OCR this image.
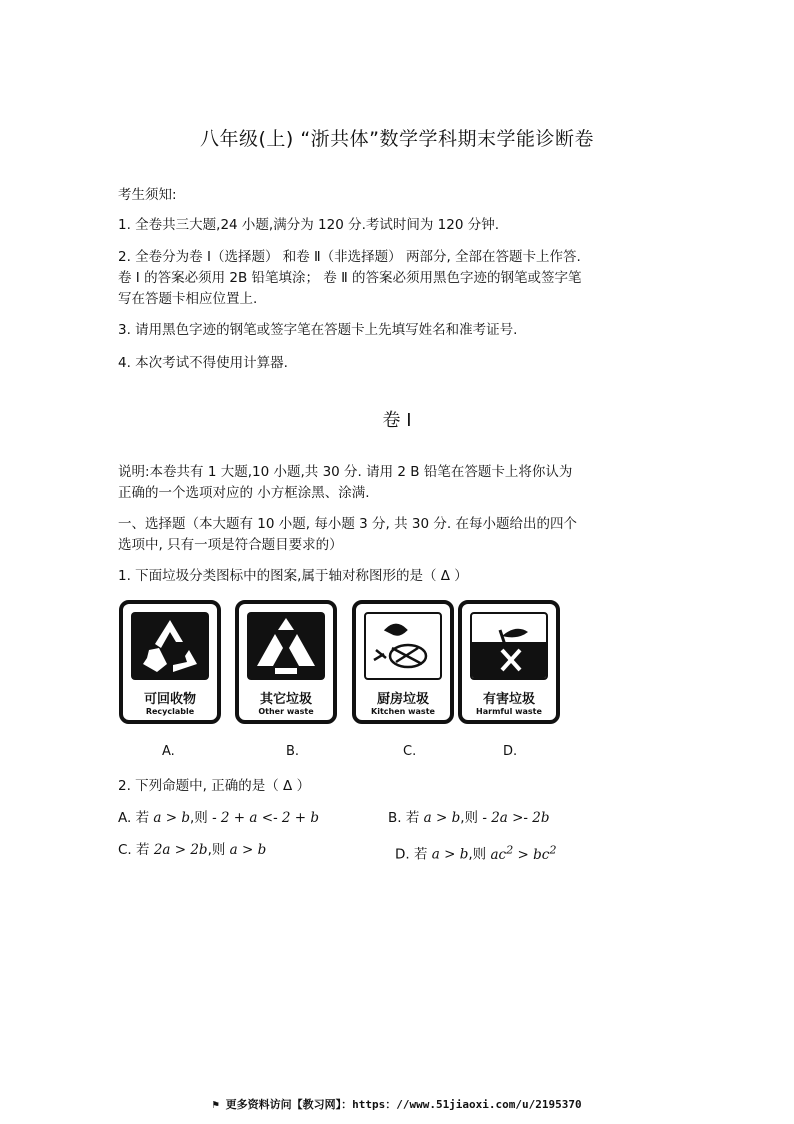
八年级(上) “浙共体”数学学科期末学能诊断卷
考生须知:
1. 全卷共三大题,24 小题,满分为 120 分.考试时间为 120 分钟.
2. 全卷分为卷 Ⅰ（选择题） 和卷 Ⅱ（非选择题） 两部分, 全部在答题卡上作答.
卷 Ⅰ 的答案必须用 2B 铅笔填涂； 卷 Ⅱ 的答案必须用黑色字迹的钢笔或签字笔
写在答题卡相应位置上.
3. 请用黑色字迹的钢笔或签字笔在答题卡上先填写姓名和准考证号.
4. 本次考试不得使用计算器.
卷 Ⅰ
说明:本卷共有 1 大题,10 小题,共 30 分. 请用 2 B 铅笔在答题卡上将你认为
正确的一个选项对应的 小方框涂黑、涂满.
一、选择题（本大题有 10 小题, 每小题 3 分, 共 30 分. 在每小题给出的四个
选项中, 只有一项是符合题目要求的）
1. 下面垃圾分类图标中的图案,属于轴对称图形的是（ Δ ）
可回收物
Recyclable
其它垃圾
Other waste
厨房垃圾
Kitchen waste
有害垃圾
Harmful waste
A.	B.	C.	D.
2. 下列命题中, 正确的是（ Δ ）
A. 若 a > b,则 - 2 + a <- 2 + b	B. 若 a > b,则 - 2a >- 2b
C. 若 2a > 2b,则 a > b	D. 若 a > b,则 $ac^2 > bc^2$
⚑ 更多资料访问【教习网】：https：//www.51jiaoxi.com/u/2195370
